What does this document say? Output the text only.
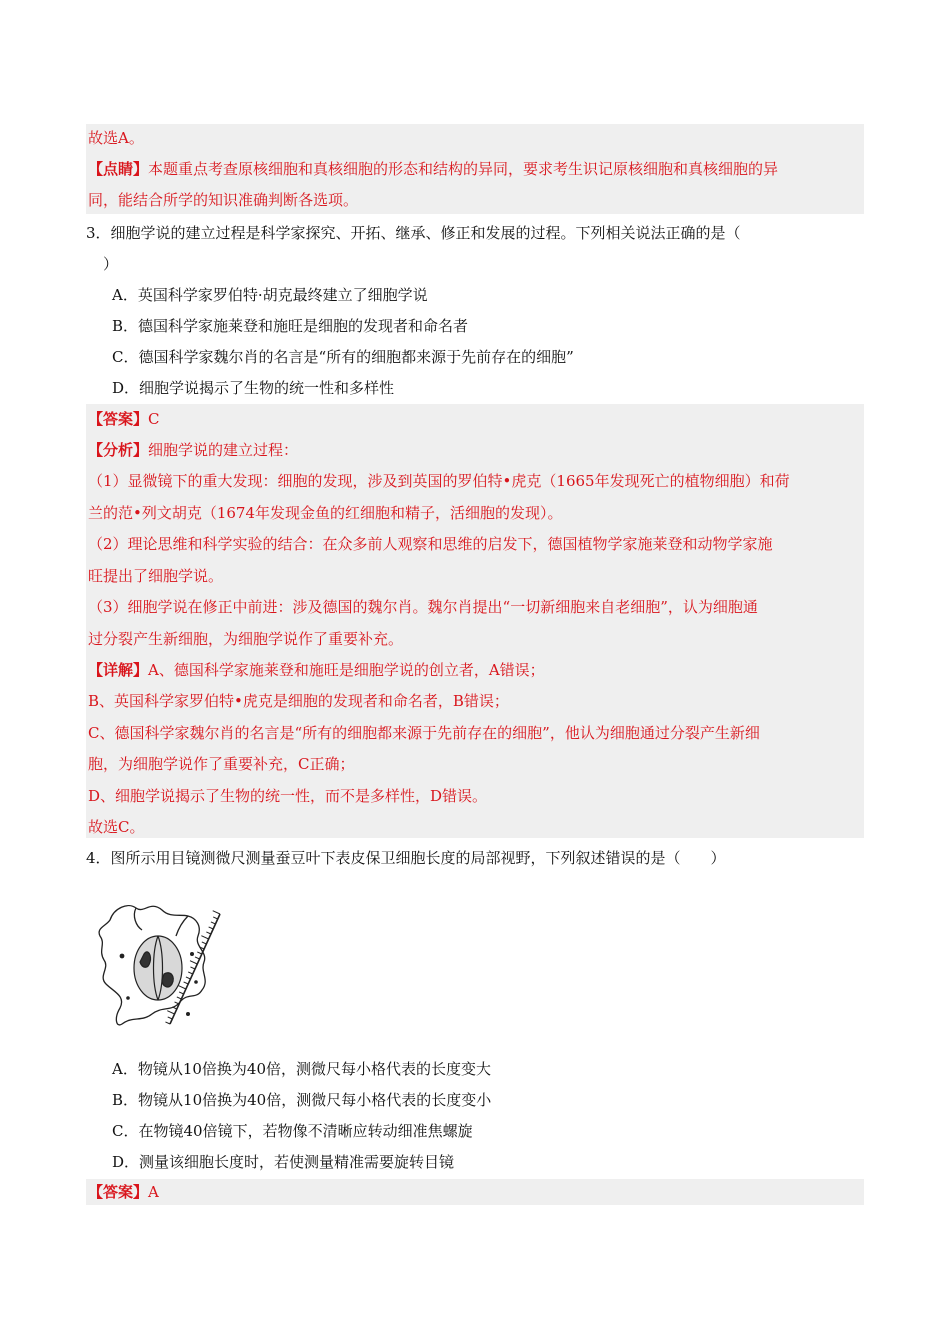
故选A。
【点睛】本题重点考查原核细胞和真核细胞的形态和结构的异同，要求考生识记原核细胞和真核细胞的异
同，能结合所学的知识准确判断各选项。
3．细胞学说的建立过程是科学家探究、开拓、继承、修正和发展的过程。下列相关说法正确的是（
）
A．英国科学家罗伯特·胡克最终建立了细胞学说
B．德国科学家施莱登和施旺是细胞的发现者和命名者
C．德国科学家魏尔肖的名言是“所有的细胞都来源于先前存在的细胞”
D．细胞学说揭示了生物的统一性和多样性
【答案】C
【分析】细胞学说的建立过程：
（1）显微镜下的重大发现：细胞的发现，涉及到英国的罗伯特•虎克（1665年发现死亡的植物细胞）和荷
兰的范•列文胡克（1674年发现金鱼的红细胞和精子，活细胞的发现）。
（2）理论思维和科学实验的结合：在众多前人观察和思维的启发下，德国植物学家施莱登和动物学家施
旺提出了细胞学说。
（3）细胞学说在修正中前进：涉及德国的魏尔肖。魏尔肖提出“一切新细胞来自老细胞”，认为细胞通
过分裂产生新细胞，为细胞学说作了重要补充。
【详解】A、德国科学家施莱登和施旺是细胞学说的创立者，A错误；
B、英国科学家罗伯特•虎克是细胞的发现者和命名者，B错误；
C、德国科学家魏尔肖的名言是“所有的细胞都来源于先前存在的细胞”，他认为细胞通过分裂产生新细
胞，为细胞学说作了重要补充，C正确；
D、细胞学说揭示了生物的统一性，而不是多样性，D错误。
故选C。
4．图所示用目镜测微尺测量蚕豆叶下表皮保卫细胞长度的局部视野，下列叙述错误的是（　　）
A．物镜从10倍换为40倍，测微尺每小格代表的长度变大
B．物镜从10倍换为40倍，测微尺每小格代表的长度变小
C．在物镜40倍镜下，若物像不清晰应转动细准焦螺旋
D．测量该细胞长度时，若使测量精准需要旋转目镜
【答案】A
